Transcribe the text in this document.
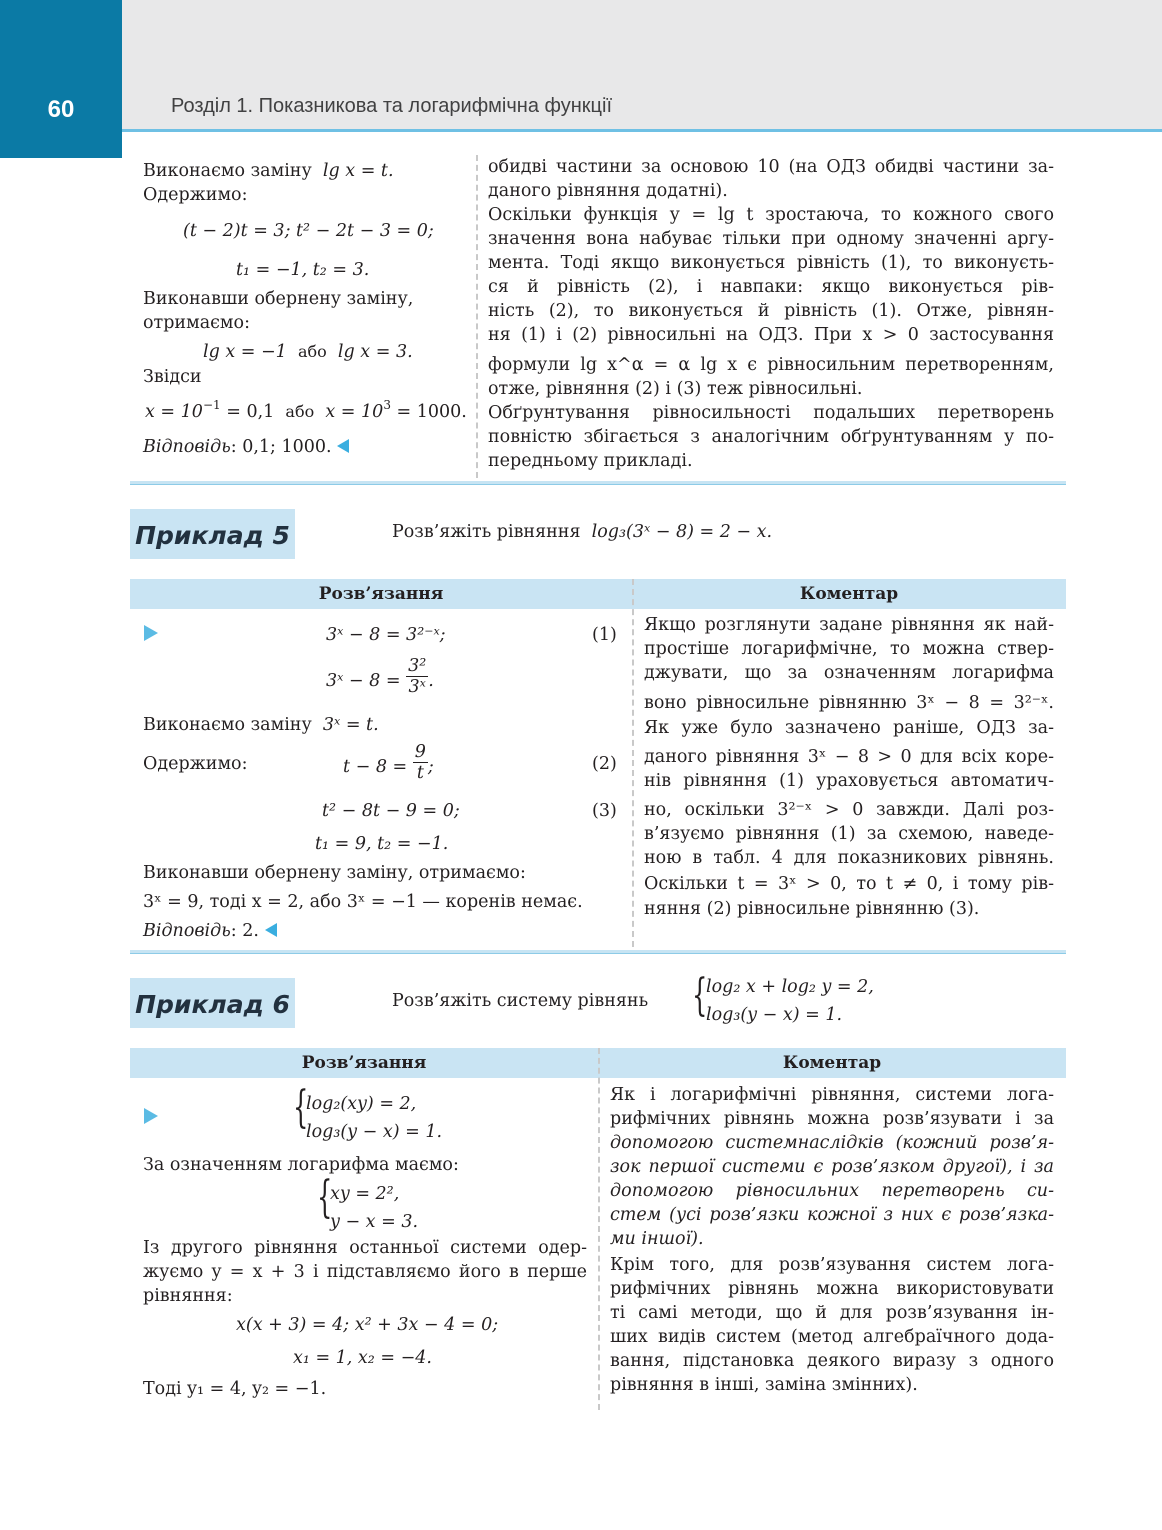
60	Розділ 1. Показникова та логарифмічна функції
Виконаємо заміну lg x = t.
Одержимо:
(t − 2)t = 3; t² − 2t − 3 = 0;
t₁ = −1, t₂ = 3.
Виконавши обернену заміну,
отримаємо:
lg x = −1 або lg x = 3.
Звідси
$x = 10^{-1} = 0,1$ або $x = 10^3 = 1000$.
Відповідь: 0,1; 1000.
обидві частини за основою 10 (на ОДЗ обидві частини за-
даного рівняння додатні).
Оскільки функція y = lg t зростаюча, то кожного свого
значення вона набуває тільки при одному значенні аргу-
мента. Тоді якщо виконується рівність (1), то виконуєть-
ся й рівність (2), і навпаки: якщо виконується рів-
ність (2), то виконується й рівність (1). Отже, рівнян-
ня (1) і (2) рівносильні на ОДЗ. При x > 0 застосування
формули lg x^α = α lg x є рівносильним перетворенням,
отже, рівняння (2) і (3) теж рівносильні.
Обґрунтування рівносильності подальших перетворень
повністю збігається з аналогічним обґрунтуванням у по-
передньому прикладі.
Приклад 5	Розв’яжіть рівняння log₃(3ˣ − 8) = 2 − x.
Розв’язання	Коментар
3ˣ − 8 = 3²⁻ˣ;	(1)
3ˣ − $8 = \frac{\text{3²}}{\text{3ˣ}}$ .
Виконаємо заміну 3ˣ = t.
Одержимо:	$t - 8 = \frac{9}{t}$ ;	(2)
t² − 8t − 9 = 0;	(3)
t₁ = 9, t₂ = −1.
Виконавши обернену заміну, отримаємо:
3ˣ = 9, тоді x = 2, або 3ˣ = −1 — коренів немає.
Відповідь: 2.
Якщо розглянути задане рівняння як най-
простіше логарифмічне, то можна ствер-
джувати, що за означенням логарифма
воно рівносильне рівнянню 3ˣ − 8 = 3²⁻ˣ.
Як уже було зазначено раніше, ОДЗ за-
даного рівняння 3ˣ − 8 > 0 для всіх коре-
нів рівняння (1) ураховується автоматич-
но, оскільки 3²⁻ˣ > 0 завжди. Далі роз-
в’язуємо рівняння (1) за схемою, наведе-
ною в табл. 4 для показникових рівнянь.
Оскільки t = 3ˣ > 0, то t ≠ 0, і тому рів-
няння (2) рівносильне рівнянню (3).
Приклад 6	Розв’яжіть систему рівнянь {
log₂ x + log₂ y = 2,
log₃(y − x) = 1.
Розв’язання	Коментар
{
log₂(xy) = 2,
log₃(y − x) = 1.
За означенням логарифма маємо:
{
xy = 2²,
y − x = 3.
Із другого рівняння останньої системи одер-
жуємо y = x + 3 і підставляємо його в перше
рівняння:
x(x + 3) = 4; x² + 3x − 4 = 0;
x₁ = 1, x₂ = −4.
Тоді y₁ = 4, y₂ = −1.
Як і логарифмічні рівняння, системи лога-
рифмічних рівнянь можна розв’язувати і за
допомогою системнаслідків (кожний розв’я-
зок першої системи є розв’язком другої), і за
допомогою рівносильних перетворень си-
стем (усі розв’язки кожної з них є розв’язка-
ми іншої).
Крім того, для розв’язування систем лога-
рифмічних рівнянь можна використовувати
ті самі методи, що й для розв’язування ін-
ших видів систем (метод алгебраїчного дода-
вання, підстановка деякого виразу з одного
рівняння в інші, заміна змінних).
